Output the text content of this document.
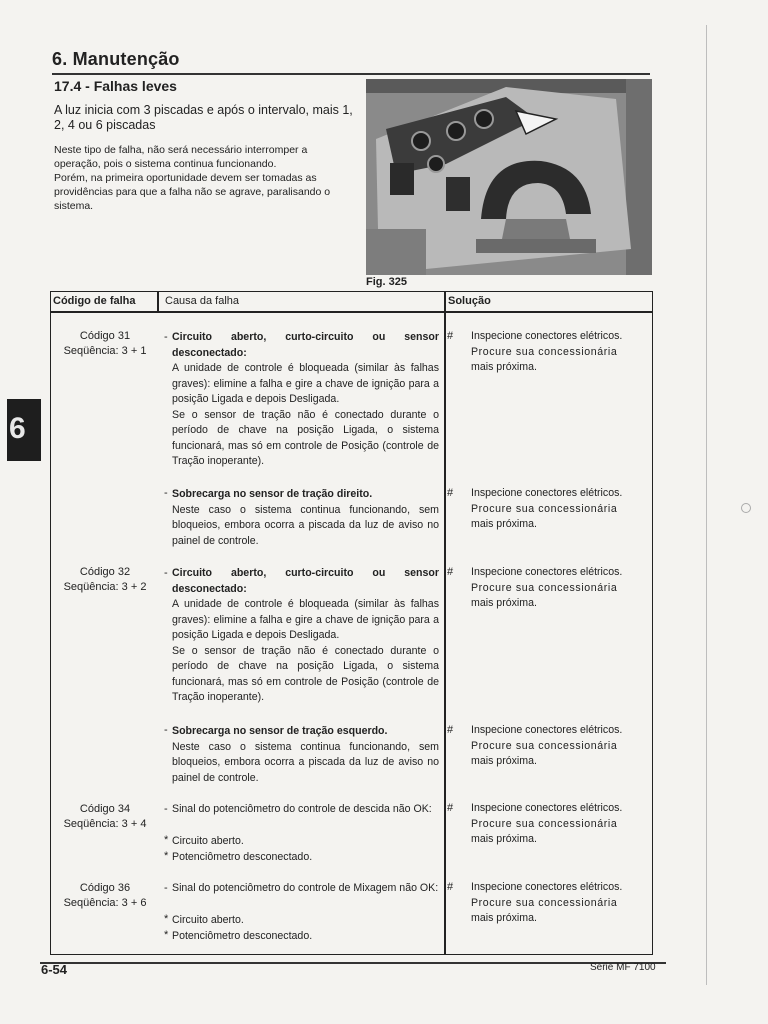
6. Manutenção
17.4 - Falhas leves
A luz inicia com 3 piscadas e após o intervalo, mais 1, 2, 4 ou 6 piscadas

Neste tipo de falha, não será necessário interromper a operação, pois o sistema continua funcionando.

Porém, na primeira oportunidade devem ser tomadas as providências para que a falha não se agrave, paralisando o sistema.

Fig. 325
Código de falha	Causa da falha	Solução
Código 31
Seqüência: 3 + 1
- Circuito aberto, curto-circuito ou sensor desconectado:
A unidade de controle é bloqueada (similar às falhas graves): elimine a falha e gire a chave de ignição para a posição Ligada e depois Desligada.
Se o sensor de tração não é conectado durante o período de chave na posição Ligada, o sistema funcionará, mas só em controle de Posição (controle de Tração inoperante).
# Inspecione conectores elétricos.
Procure sua concessionária
mais próxima.
- Sobrecarga no sensor de tração direito.
Neste caso o sistema continua funcionando, sem bloqueios, embora ocorra a piscada da luz de aviso no painel de controle.
# Inspecione conectores elétricos.
Procure sua concessionária
mais próxima.
Código 32
Seqüência: 3 + 2
- Circuito aberto, curto-circuito ou sensor desconectado:
A unidade de controle é bloqueada (similar às falhas graves): elimine a falha e gire a chave de ignição para a posição Ligada e depois Desligada.
Se o sensor de tração não é conectado durante o período de chave na posição Ligada, o sistema funcionará, mas só em controle de Posição (controle de Tração inoperante).
# Inspecione conectores elétricos.
Procure sua concessionária
mais próxima.
- Sobrecarga no sensor de tração esquerdo.
Neste caso o sistema continua funcionando, sem bloqueios, embora ocorra a piscada da luz de aviso no painel de controle.
# Inspecione conectores elétricos.
Procure sua concessionária
mais próxima.
Código 34
Seqüência: 3 + 4
- Sinal do potenciômetro do controle de descida não OK:
* Circuito aberto.
* Potenciômetro desconectado.
# Inspecione conectores elétricos.
Procure sua concessionária
mais próxima.
Código 36
Seqüência: 3 + 6
- Sinal do potenciômetro do controle de Mixagem não OK:
* Circuito aberto.
* Potenciômetro desconectado.
# Inspecione conectores elétricos.
Procure sua concessionária
mais próxima.
6
6-54	Serie MF 7100
